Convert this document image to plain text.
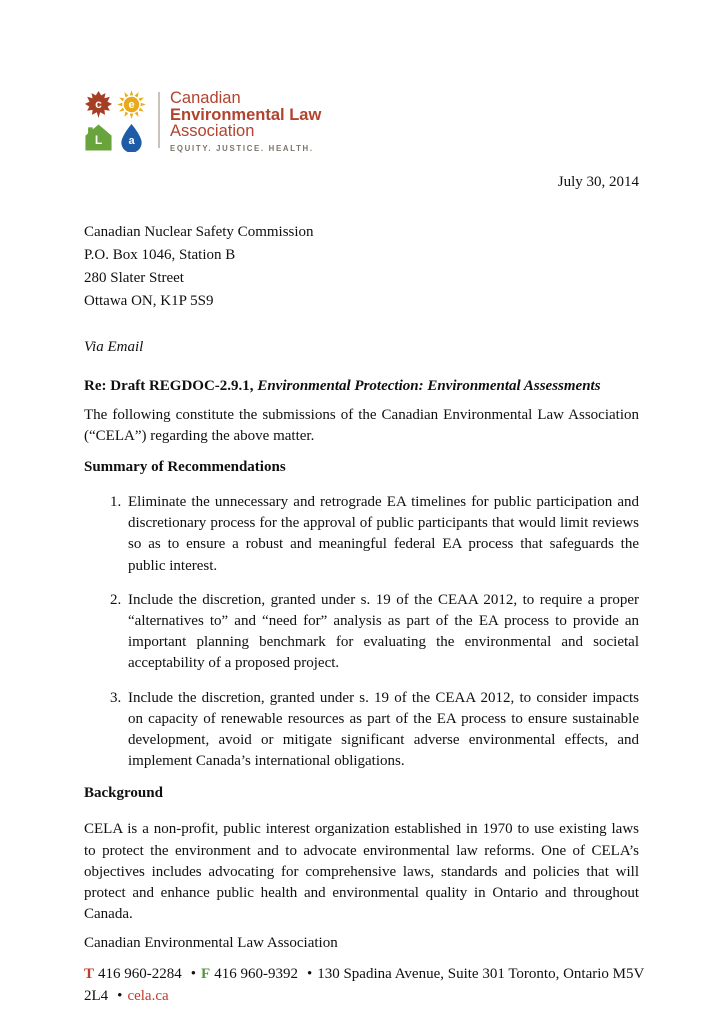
c	e
L	a
Canadian
Environmental Law
Association
EQUITY. JUSTICE. HEALTH.
July 30, 2014
Canadian Nuclear Safety Commission
P.O. Box 1046, Station B
280 Slater Street
Ottawa ON, K1P 5S9
Via Email
Re: Draft REGDOC-2.9.1, Environmental Protection: Environmental Assessments

The following constitute the submissions of the Canadian Environmental Law Association (“CELA”) regarding the above matter.

Summary of Recommendations
1. Eliminate the unnecessary and retrograde EA timelines for public participation and discretionary process for the approval of public participants that would limit reviews so as to ensure a robust and meaningful federal EA process that safeguards the public interest.
2. Include the discretion, granted under s. 19 of the CEAA 2012, to require a proper “alternatives to” and “need for” analysis as part of the EA process to provide an important planning benchmark for evaluating the environmental and societal acceptability of a proposed project.
3. Include the discretion, granted under s. 19 of the CEAA 2012, to consider impacts on capacity of renewable resources as part of the EA process to ensure sustainable development, avoid or mitigate significant adverse environmental effects, and implement Canada’s international obligations.
Background

CELA is a non-profit, public interest organization established in 1970 to use existing laws to protect the environment and to advocate environmental law reforms. One of CELA’s objectives includes advocating for comprehensive laws, standards and policies that will protect and enhance public health and environmental quality in Ontario and throughout Canada.

Canadian Environmental Law Association
T 416 960-2284 • F 416 960-9392 • 130 Spadina Avenue, Suite 301 Toronto, Ontario M5V
2L4 • cela.ca
